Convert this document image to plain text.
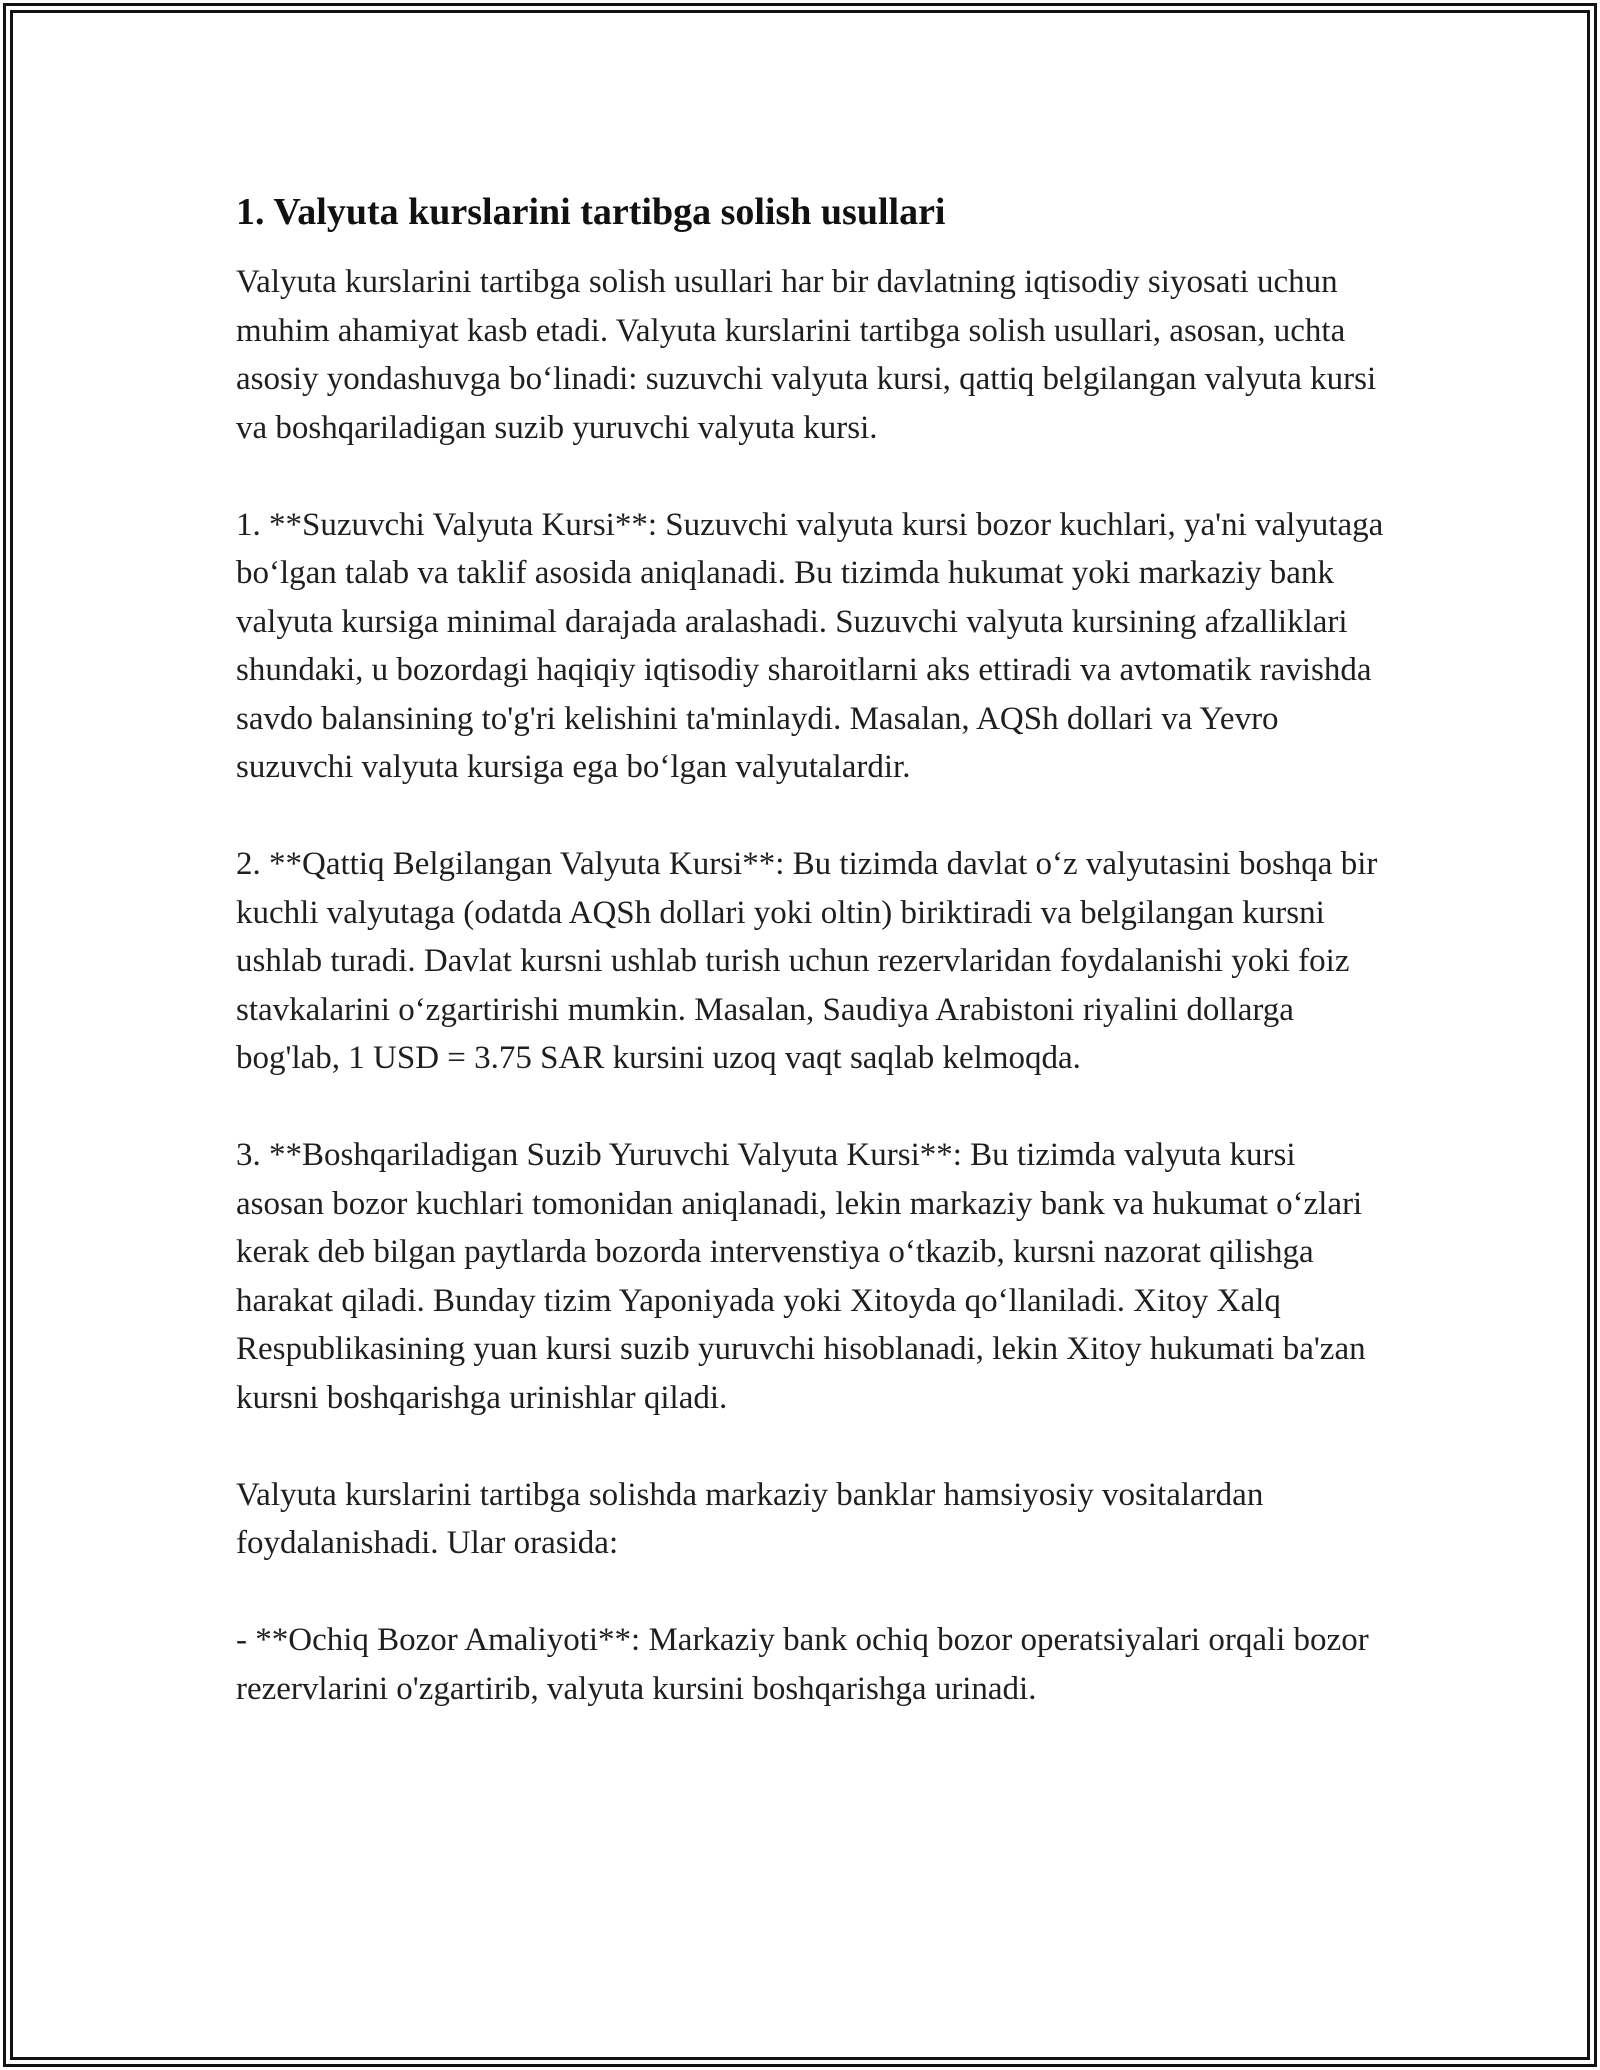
1. Valyuta kurslarini tartibga solish usullari

Valyuta kurslarini tartibga solish usullari har bir davlatning iqtisodiy siyosati uchun muhim ahamiyat kasb etadi. Valyuta kurslarini tartibga solish usullari, asosan, uchta asosiy yondashuvga bo‘linadi: suzuvchi valyuta kursi, qattiq belgilangan valyuta kursi va boshqariladigan suzib yuruvchi valyuta kursi.

1. **Suzuvchi Valyuta Kursi**: Suzuvchi valyuta kursi bozor kuchlari, ya'ni valyutaga bo‘lgan talab va taklif asosida aniqlanadi. Bu tizimda hukumat yoki markaziy bank valyuta kursiga minimal darajada aralashadi. Suzuvchi valyuta kursining afzalliklari shundaki, u bozordagi haqiqiy iqtisodiy sharoitlarni aks ettiradi va avtomatik ravishda savdo balansining to'g'ri kelishini ta'minlaydi. Masalan, AQSh dollari va Yevro suzuvchi valyuta kursiga ega bo‘lgan valyutalardir.

2. **Qattiq Belgilangan Valyuta Kursi**: Bu tizimda davlat o‘z valyutasini boshqa bir kuchli valyutaga (odatda AQSh dollari yoki oltin) biriktiradi va belgilangan kursni ushlab turadi. Davlat kursni ushlab turish uchun rezervlaridan foydalanishi yoki foiz stavkalarini o‘zgartirishi mumkin. Masalan, Saudiya Arabistoni riyalini dollarga bog'lab, 1 USD = 3.75 SAR kursini uzoq vaqt saqlab kelmoqda.

3. **Boshqariladigan Suzib Yuruvchi Valyuta Kursi**: Bu tizimda valyuta kursi asosan bozor kuchlari tomonidan aniqlanadi, lekin markaziy bank va hukumat o‘zlari kerak deb bilgan paytlarda bozorda intervenstiya o‘tkazib, kursni nazorat qilishga harakat qiladi. Bunday tizim Yaponiyada yoki Xitoyda qo‘llaniladi. Xitoy Xalq Respublikasining yuan kursi suzib yuruvchi hisoblanadi, lekin Xitoy hukumati ba'zan kursni boshqarishga urinishlar qiladi.

Valyuta kurslarini tartibga solishda markaziy banklar hamsiyosiy vositalardan foydalanishadi. Ular orasida:

- **Ochiq Bozor Amaliyoti**: Markaziy bank ochiq bozor operatsiyalari orqali bozor rezervlarini o'zgartirib, valyuta kursini boshqarishga urinadi.
